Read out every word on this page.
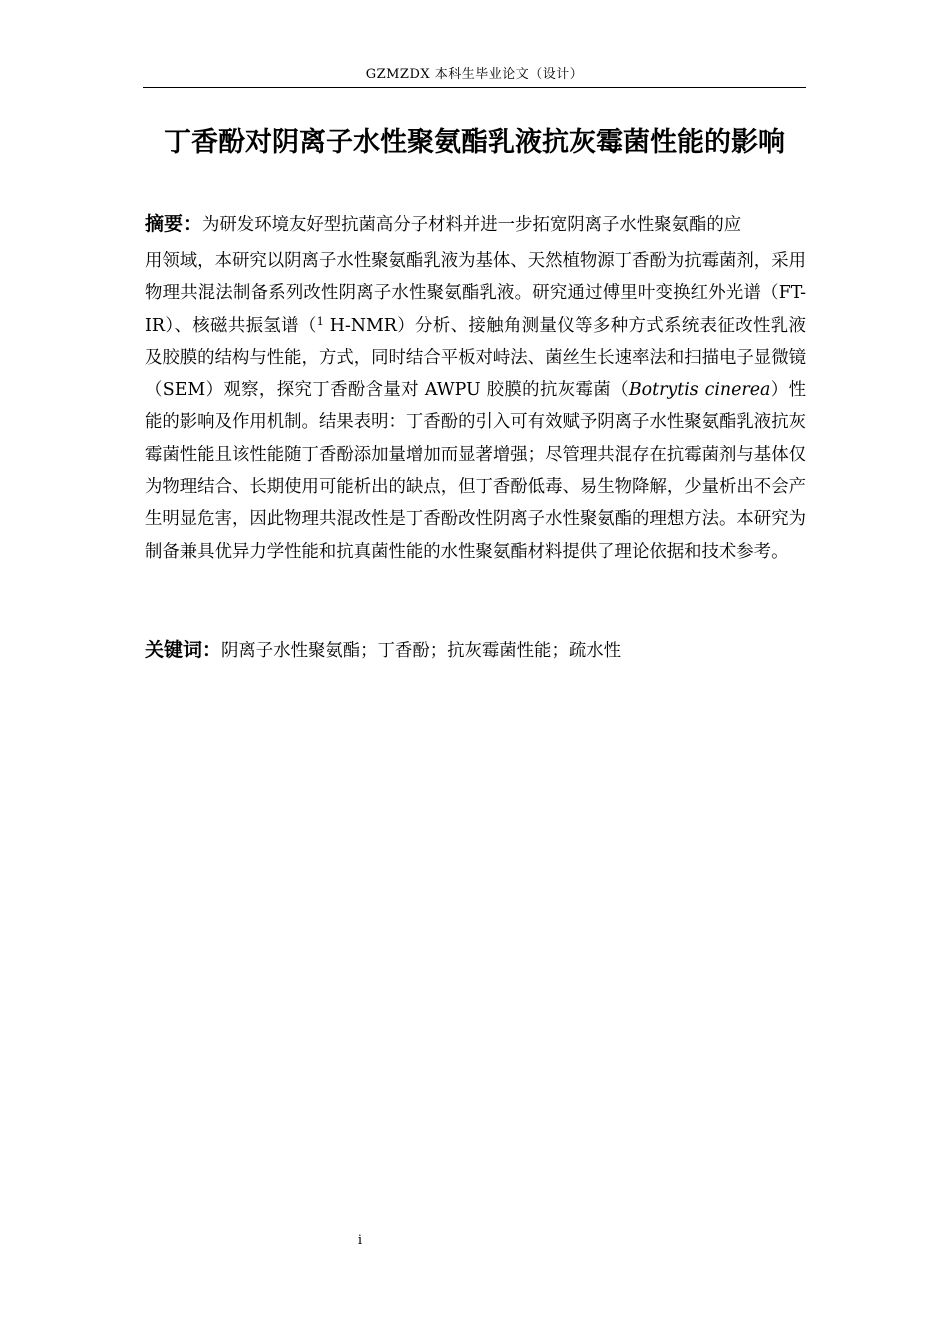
GZMZDX 本科生毕业论文（设计）
丁香酚对阴离子水性聚氨酯乳液抗灰霉菌性能的影响

摘要：为研发环境友好型抗菌高分子材料并进一步拓宽阴离子水性聚氨酯的应
用领域，本研究以阴离子水性聚氨酯乳液为基体、天然植物源丁香酚为抗霉菌剂，采用物理共混法制备系列改性阴离子水性聚氨酯乳液。研究通过傅里叶变换红外光谱（FT-IR）、核磁共振氢谱（$^1$ H-NMR）分析、接触角测量仪等多种方式系统表征改性乳液及胶膜的结构与性能，方式，同时结合平板对峙法、菌丝生长速率法和扫描电子显微镜（SEM）观察，探究丁香酚含量对 AWPU 胶膜的抗灰霉菌（Botrytis cinerea）性能的影响及作用机制。结果表明：丁香酚的引入可有效赋予阴离子水性聚氨酯乳液抗灰霉菌性能且该性能随丁香酚添加量增加而显著增强；尽管理共混存在抗霉菌剂与基体仅为物理结合、长期使用可能析出的缺点，但丁香酚低毒、易生物降解，少量析出不会产生明显危害，因此物理共混改性是丁香酚改性阴离子水性聚氨酯的理想方法。本研究为制备兼具优异力学性能和抗真菌性能的水性聚氨酯材料提供了理论依据和技术参考。

关键词：阴离子水性聚氨酯；丁香酚；抗灰霉菌性能；疏水性

i
